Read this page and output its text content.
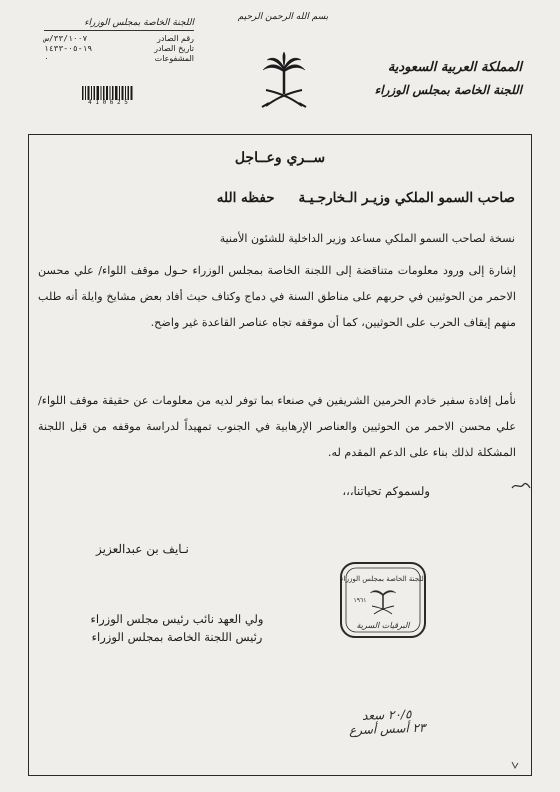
بسم الله الرحمن الرحيم
المملكة العربية السعودية
اللجنة الخاصة بمجلس الوزراء
اللجنة الخاصة بمجلس الوزراء
رقم الصادر
٣٣/١٠٠٧/س
تاريخ الصادر
١٩-٠٥-١٤٣٣
المشفوعات
٠
4 1 0 6 2 5
ســري وعــاجل
صاحب السمو الملكي وزيـر الـخارجـيـةحفظه الله
نسخة لصاحب السمو الملكي مساعد وزير الداخلية للشئون الأمنية
إشارة إلى ورود معلومات متناقضة إلى اللجنة الخاصة بمجلس الوزراء حـول موقف اللواء/ علي محسن الاحمر من الحوثيين في حربهم على مناطق السنة في دماج وكتاف حيث أفاد بعض مشايخ وايلة أنه طلب منهم إيقاف الحرب على الحوثيين، كما أن موقفه تجاه عناصر القاعدة غير واضح.
نأمل إفادة سفير خادم الحرمين الشريفين في صنعاء بما توفر لديه من معلومات عن حقيقة موقف اللواء/ علي محسن الاحمر من الحوثيين والعناصر الإرهابية في الجنوب تمهيداً لدراسة موقفه من قبل اللجنة المشكلة لذلك بناء على الدعم المقدم له.
ولسموكم تحياتنا،،،
نـايف بن عبدالعزيز
ولي العهد نائب رئيس مجلس الوزراء
رئيس اللجنة الخاصة بمجلس الوزراء
اللجنة الخاصة بمجلس الوزراء
١٩٦١
البرقيات السرية
٢٠/٥ سعد
٢٣ أسس أسرع
